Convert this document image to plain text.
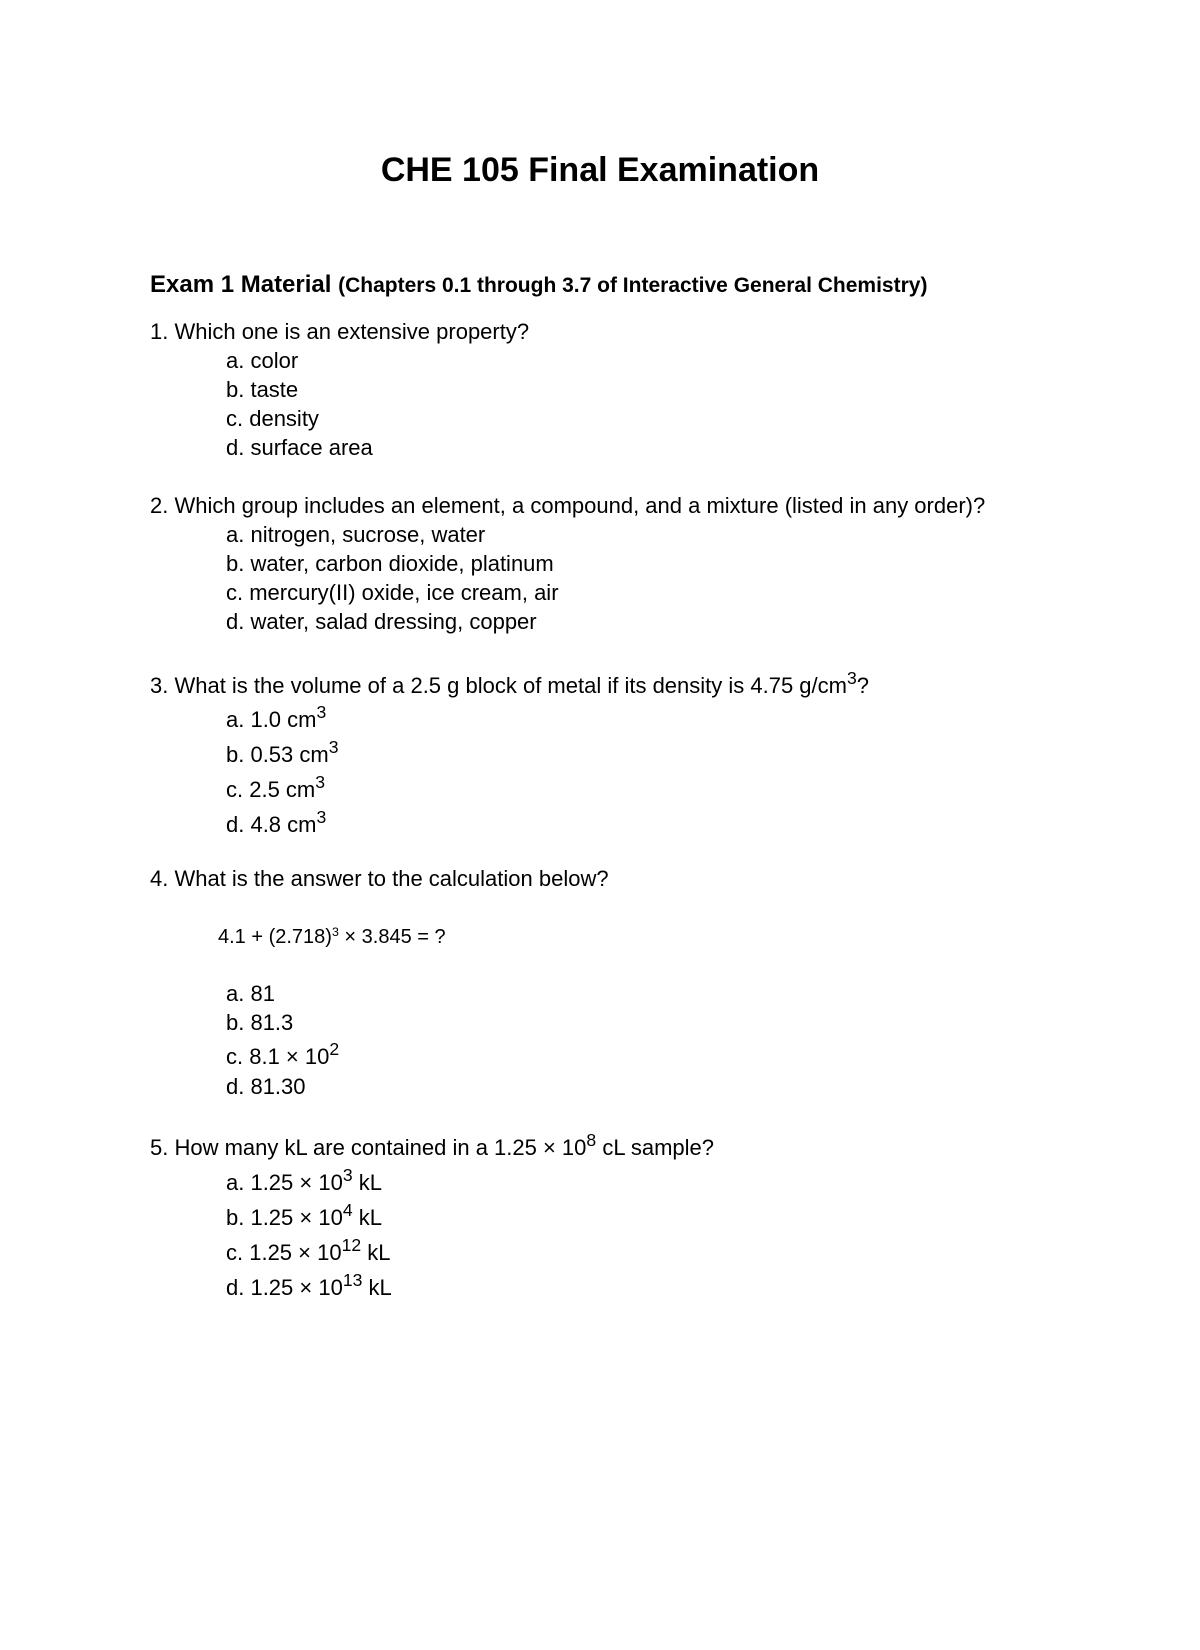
CHE 105 Final Examination
Exam 1 Material (Chapters 0.1 through 3.7 of Interactive General Chemistry)
1. Which one is an extensive property?
a. color
b. taste
c. density
d. surface area
2. Which group includes an element, a compound, and a mixture (listed in any order)?
a. nitrogen, sucrose, water
b. water, carbon dioxide, platinum
c. mercury(II) oxide, ice cream, air
d. water, salad dressing, copper
3. What is the volume of a 2.5 g block of metal if its density is 4.75 $g/cm^3$?
a. 1.0 $cm^3$
b. 0.53 $cm^3$
c. 2.5 $cm^3$
d. 4.8 $cm^3$
4. What is the answer to the calculation below?
$4.1 + (2.718)^3 \times 3.845$ = ?
a. 81
b. 81.3
c. $8.1 \times 10^2$
d. 81.30
5. How many kL are contained in a $1.25 \times 10^8$ cL sample?
a. $1.25 \times 10^3$ kL
b. $1.25 \times 10^4$ kL
c. $1.25 \times 10^{12}$ kL
d. $1.25 \times 10^{13}$ kL
